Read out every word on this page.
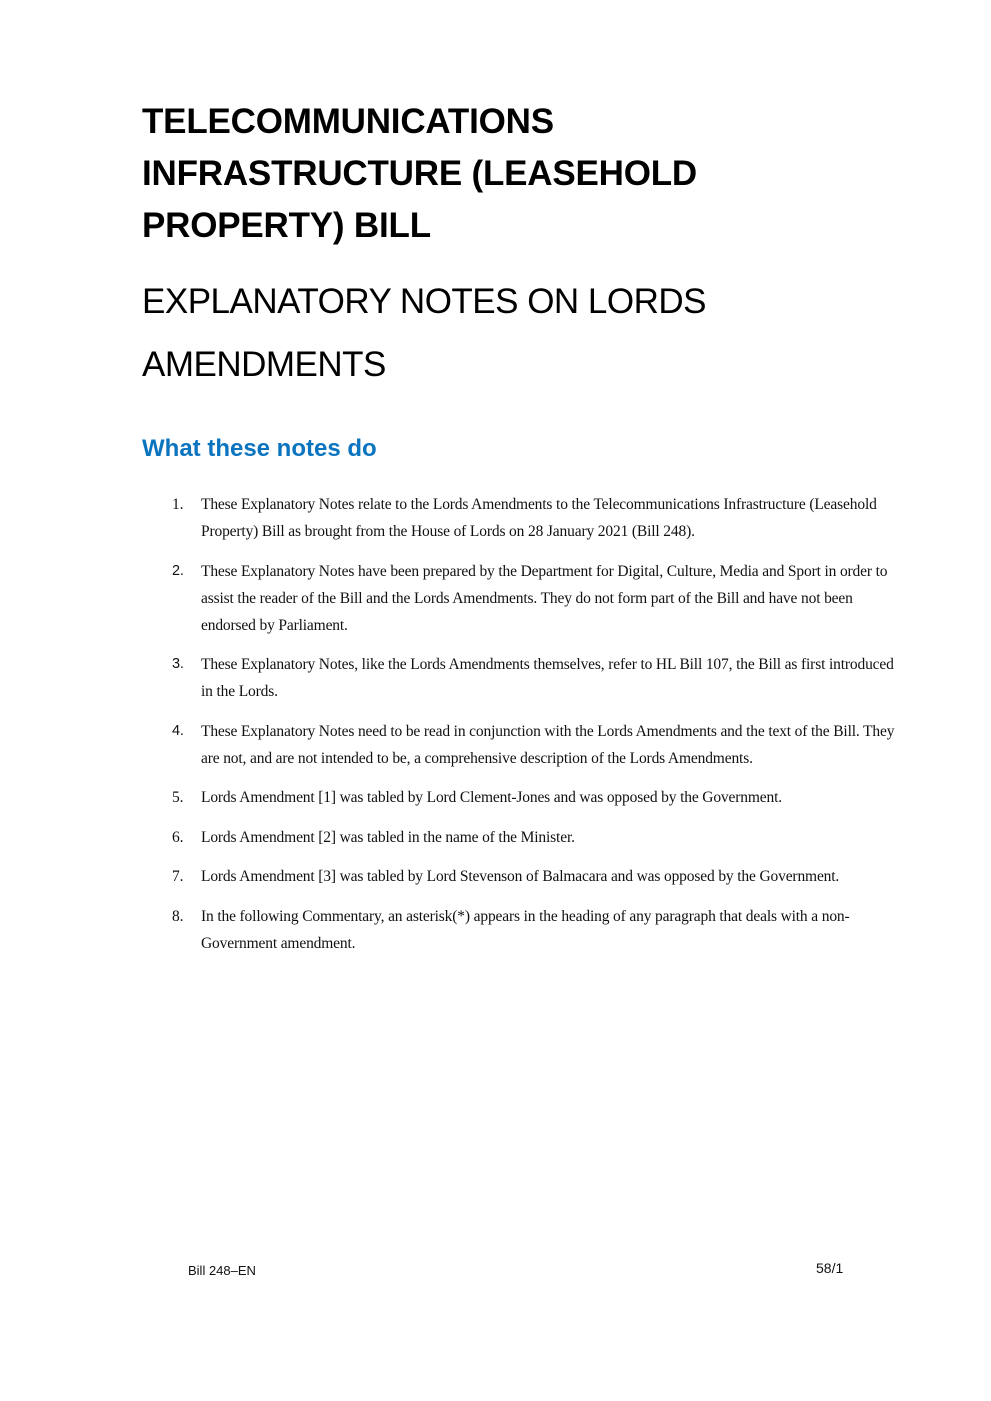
TELECOMMUNICATIONS
INFRASTRUCTURE (LEASEHOLD
PROPERTY) BILL
EXPLANATORY NOTES ON LORDS
AMENDMENTS
What these notes do
1. These Explanatory Notes relate to the Lords Amendments to the Telecommunications Infrastructure (Leasehold Property) Bill as brought from the House of Lords on 28 January 2021 (Bill 248).
2. These Explanatory Notes have been prepared by the Department for Digital, Culture, Media and Sport in order to assist the reader of the Bill and the Lords Amendments. They do not form part of the Bill and have not been endorsed by Parliament.
3. These Explanatory Notes, like the Lords Amendments themselves, refer to HL Bill 107, the Bill as first introduced in the Lords.
4. These Explanatory Notes need to be read in conjunction with the Lords Amendments and the text of the Bill. They are not, and are not intended to be, a comprehensive description of the Lords Amendments.
5. Lords Amendment [1] was tabled by Lord Clement-Jones and was opposed by the Government.
6. Lords Amendment [2] was tabled in the name of the Minister.
7. Lords Amendment [3] was tabled by Lord Stevenson of Balmacara and was opposed by the Government.
8. In the following Commentary, an asterisk(*) appears in the heading of any paragraph that deals with a non-Government amendment.
Bill 248–EN	58/1
